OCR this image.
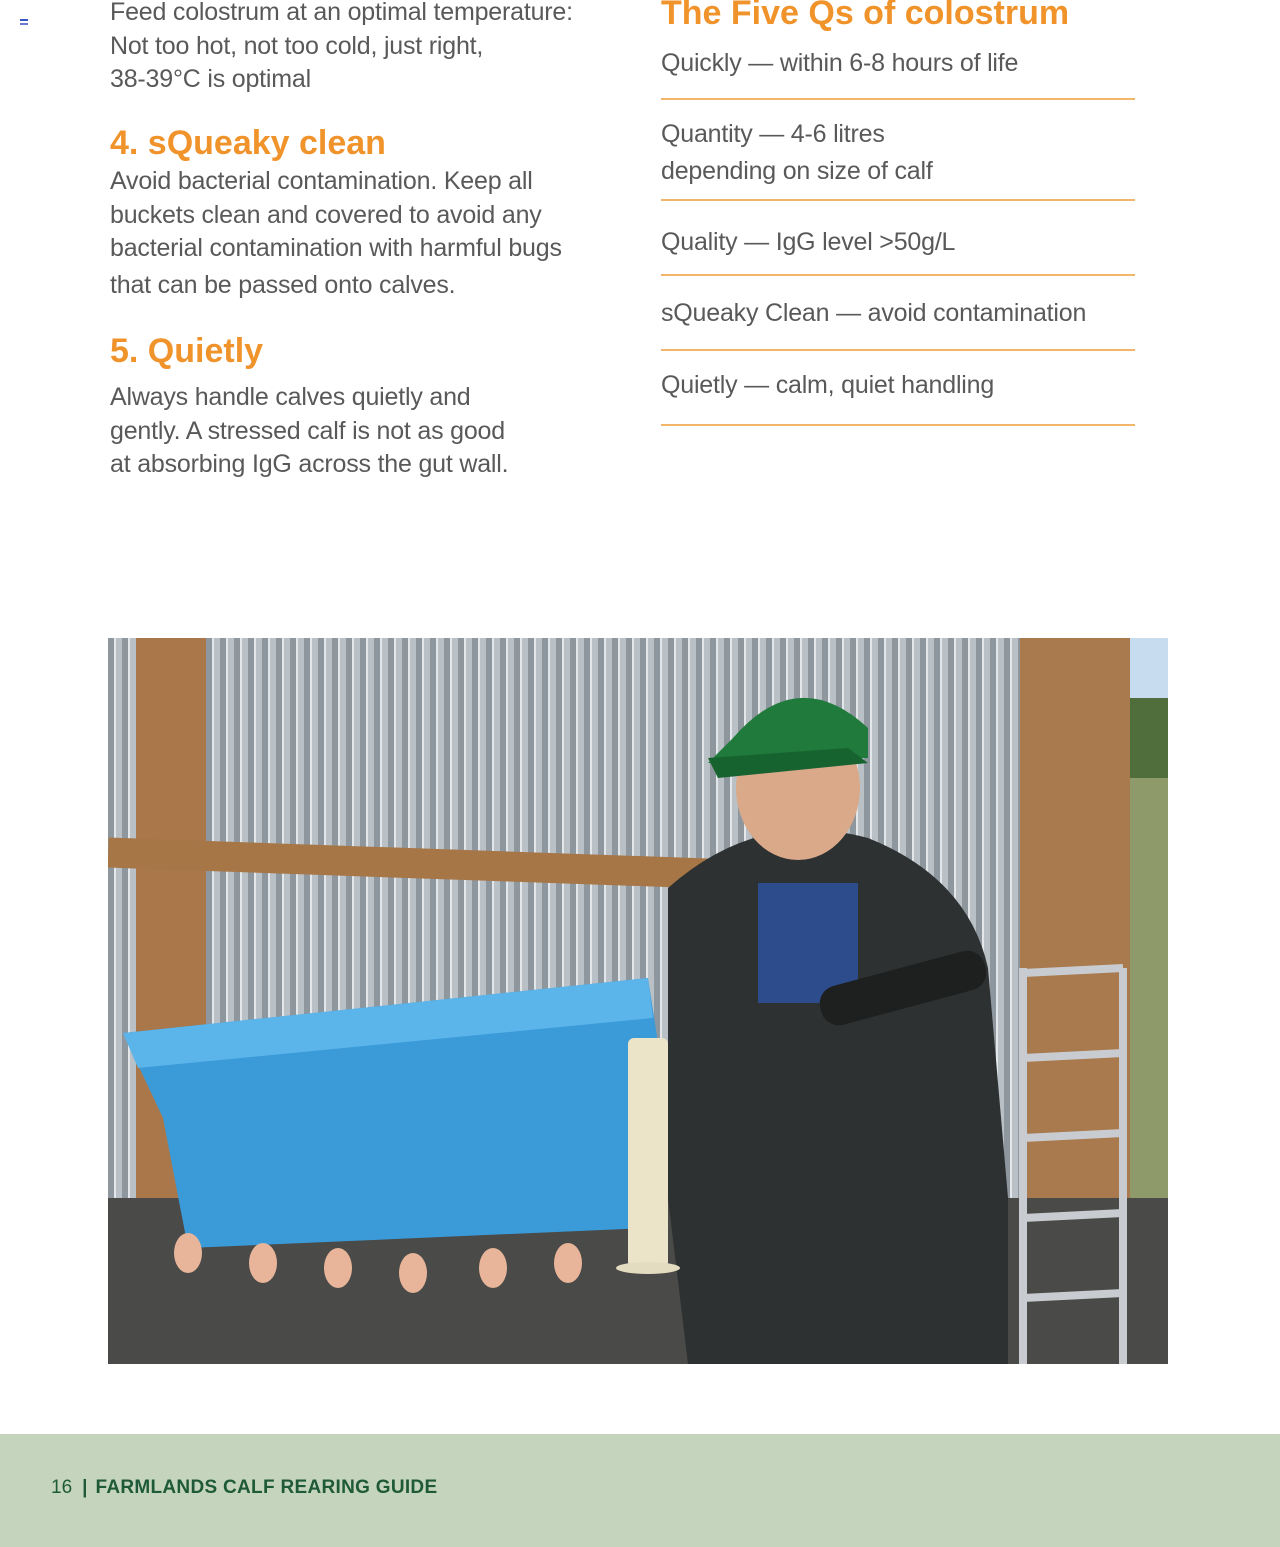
Feed colostrum at an optimal temperature:
Not too hot, not too cold, just right,
38-39°C is optimal

4. sQueaky clean

Avoid bacterial contamination. Keep all
buckets clean and covered to avoid any
bacterial contamination with harmful bugs
that can be passed onto calves.

5. Quietly

Always handle calves quietly and
gently. A stressed calf is not as good
at absorbing IgG across the gut wall.

The Five Qs of colostrum
Quickly — within 6-8 hours of life
Quantity — 4-6 litres
depending on size of calf
Quality — IgG level >50g/L
sQueaky Clean — avoid contamination
Quietly — calm, quiet handling
16 | FARMLANDS CALF REARING GUIDE
